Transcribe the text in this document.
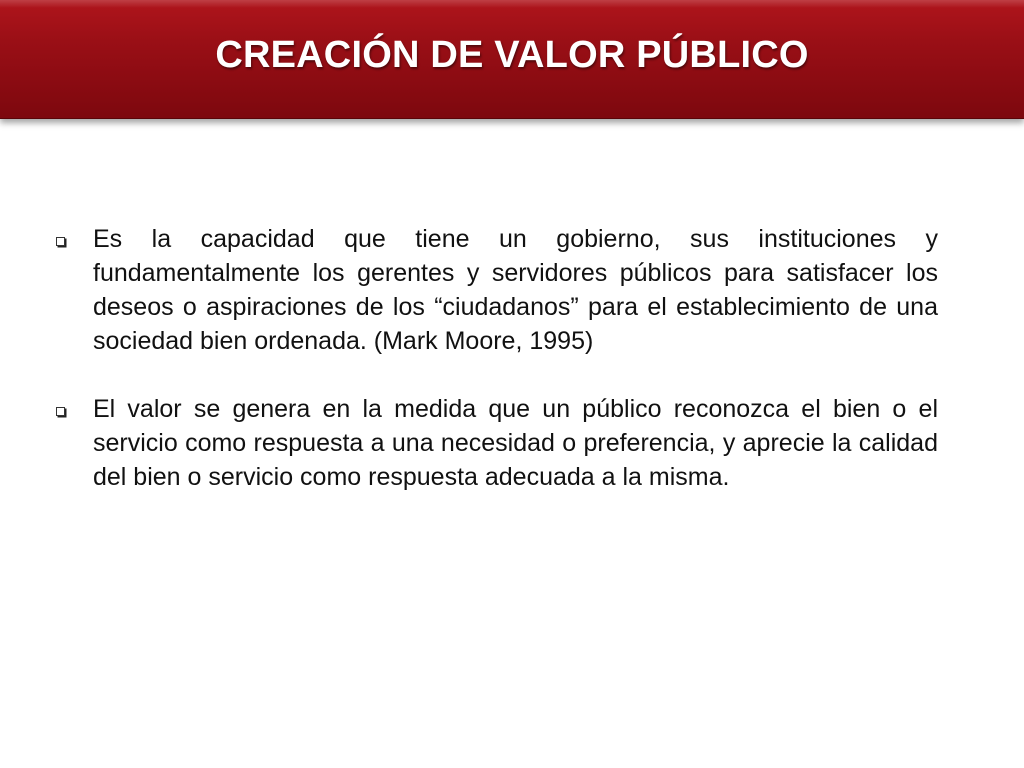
CREACIÓN DE VALOR PÚBLICO
Es la capacidad que tiene un gobierno, sus instituciones y fundamentalmente los gerentes y servidores públicos para satisfacer los deseos o aspiraciones de los “ciudadanos” para el establecimiento de una sociedad bien ordenada. (Mark Moore, 1995)
El valor se genera en la medida que un público reconozca el bien o el servicio como respuesta a una necesidad o preferencia, y aprecie la calidad del bien o servicio como respuesta adecuada a la misma.
